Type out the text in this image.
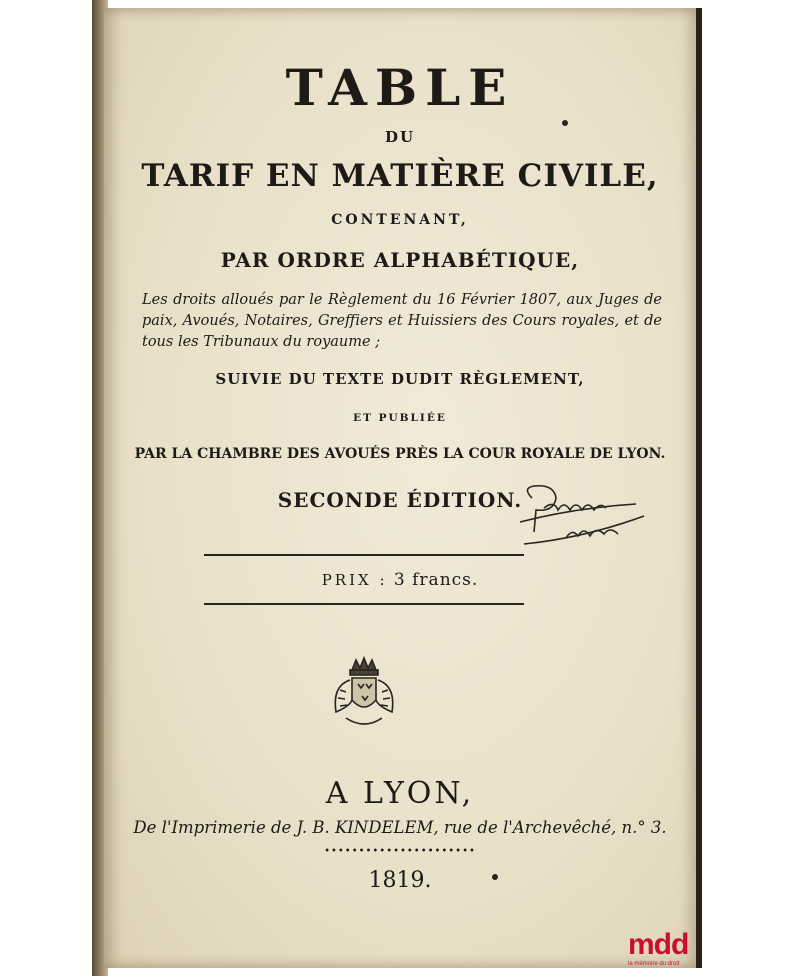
TABLE
DU
TARIF EN MATIÈRE CIVILE,
CONTENANT,
PAR ORDRE ALPHABÉTIQUE,
Les droits alloués par le Règlement du 16 Février 1807, aux Juges de paix, Avoués, Notaires, Greffiers et Huissiers des Cours royales, et de tous les Tribunaux du royaume ;
SUIVIE DU TEXTE DUDIT RÈGLEMENT,
ET PUBLIÉE
PAR LA CHAMBRE DES AVOUÉS PRÈS LA COUR ROYALE DE LYON.
SECONDE ÉDITION.
PRIX : 3 francs.
A LYON,
De l'Imprimerie de J. B. KINDELEM, rue de l'Archevêché, n.° 3.
••••••••••••••••••••••
1819.
mdd
la mémoire du droit
